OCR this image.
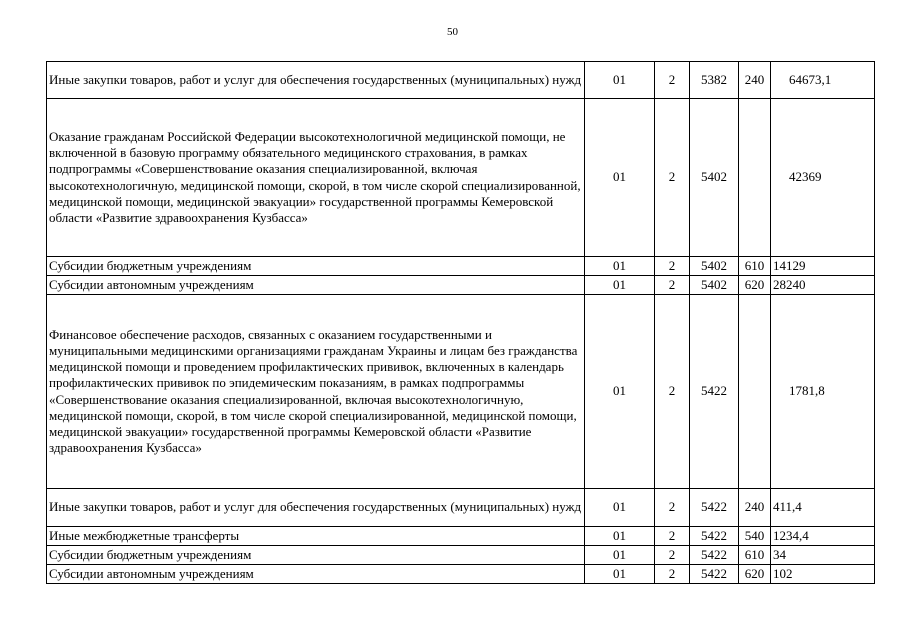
50
Иные закупки товаров, работ и услуг для обеспечения государственных (муниципальных) нужд	01	2	5382	240	64673,1
Оказание гражданам Российской Федерации высокотехнологичной медицинской помощи, не включенной в базовую программу обязательного медицинского страхования, в рамках подпрограммы «Совершенствование оказания специализированной, включая высокотехнологичную, медицинской помощи, скорой, в том числе скорой специализированной, медицинской помощи, медицинской эвакуации» государственной программы Кемеровской области «Развитие здравоохранения Кузбасса»	01	2	5402		42369
Субсидии бюджетным учреждениям	01	2	5402	610	14129
Субсидии автономным учреждениям	01	2	5402	620	28240
Финансовое обеспечение расходов, связанных с оказанием государственными и муниципальными медицинскими организациями гражданам Украины и лицам без гражданства медицинской помощи и проведением профилактических прививок, включенных в календарь профилактических прививок по эпидемическим показаниям, в рамках подпрограммы «Совершенствование оказания специализированной, включая высокотехнологичную, медицинской помощи, скорой, в том числе скорой специализированной, медицинской помощи, медицинской эвакуации» государственной программы Кемеровской области «Развитие здравоохранения Кузбасса»	01	2	5422		1781,8
Иные закупки товаров, работ и услуг для обеспечения государственных (муниципальных) нужд	01	2	5422	240	411,4
Иные межбюджетные трансферты	01	2	5422	540	1234,4
Субсидии бюджетным учреждениям	01	2	5422	610	34
Субсидии автономным учреждениям	01	2	5422	620	102
